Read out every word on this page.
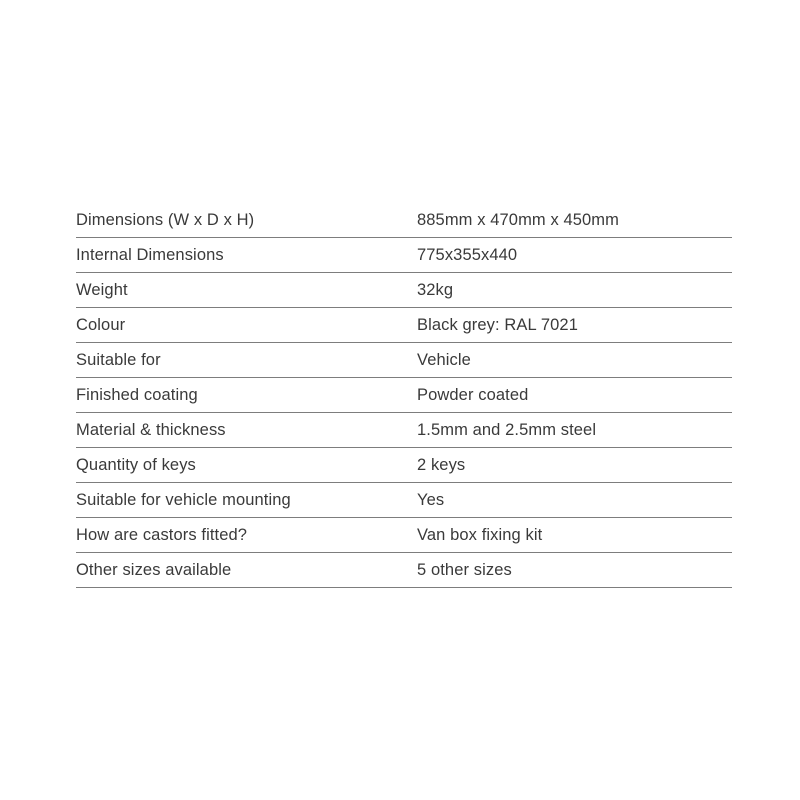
Dimensions (W x D x H)	885mm x 470mm x 450mm
Internal Dimensions	775x355x440
Weight	32kg
Colour	Black grey: RAL 7021
Suitable for	Vehicle
Finished coating	Powder coated
Material & thickness	1.5mm and 2.5mm steel
Quantity of keys	2 keys
Suitable for vehicle mounting	Yes
How are castors fitted?	Van box fixing kit
Other sizes available	5 other sizes
